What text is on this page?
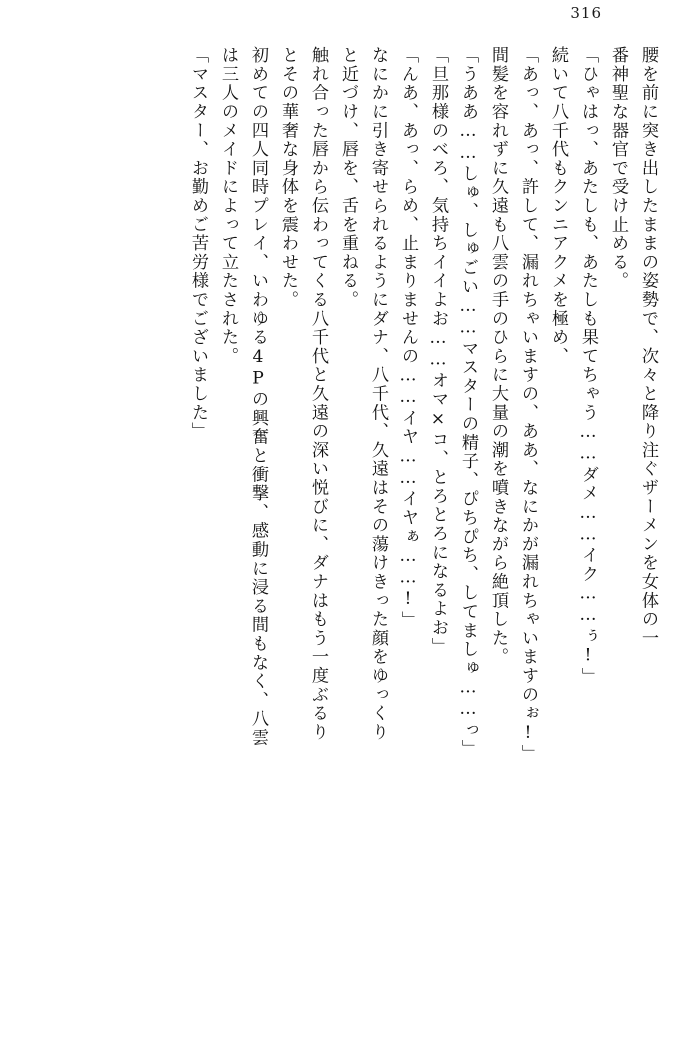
316
腰を前に突き出したままの姿勢で、次々と降り注ぐザーメンを女体の一
番神聖な器官で受け止める。
「ひゃはっ、あたしも、あたしも果てちゃう……ダメ……イク……ぅ!」
続いて八千代もクンニアクメを極め、
「あっ、あっ、許して、漏れちゃいますの、ああ、なにかが漏れちゃいますのぉ!」
間髪を容れずに久遠も八雲の手のひらに大量の潮を噴きながら絶頂した。
「うああ……しゅ、しゅごい……マスターの精子、ぴちぴち、してましゅ……っ」
「旦那様のべろ、気持ちイイよお……オマ×コ、とろとろになるよお」
「んあ、あっ、らめ、止まりませんの……イヤ……イヤぁ……!」
なにかに引き寄せられるようにダナ、八千代、久遠はその蕩けきった顔をゆっくり
と近づけ、唇を、舌を重ねる。
触れ合った唇から伝わってくる八千代と久遠の深い悦びに、ダナはもう一度ぶるり
とその華奢な身体を震わせた。
初めての四人同時プレイ、いわゆる4Pの興奮と衝撃、感動に浸る間もなく、八雲
は三人のメイドによって立たされた。
「マスター、お勤めご苦労様でございました」
